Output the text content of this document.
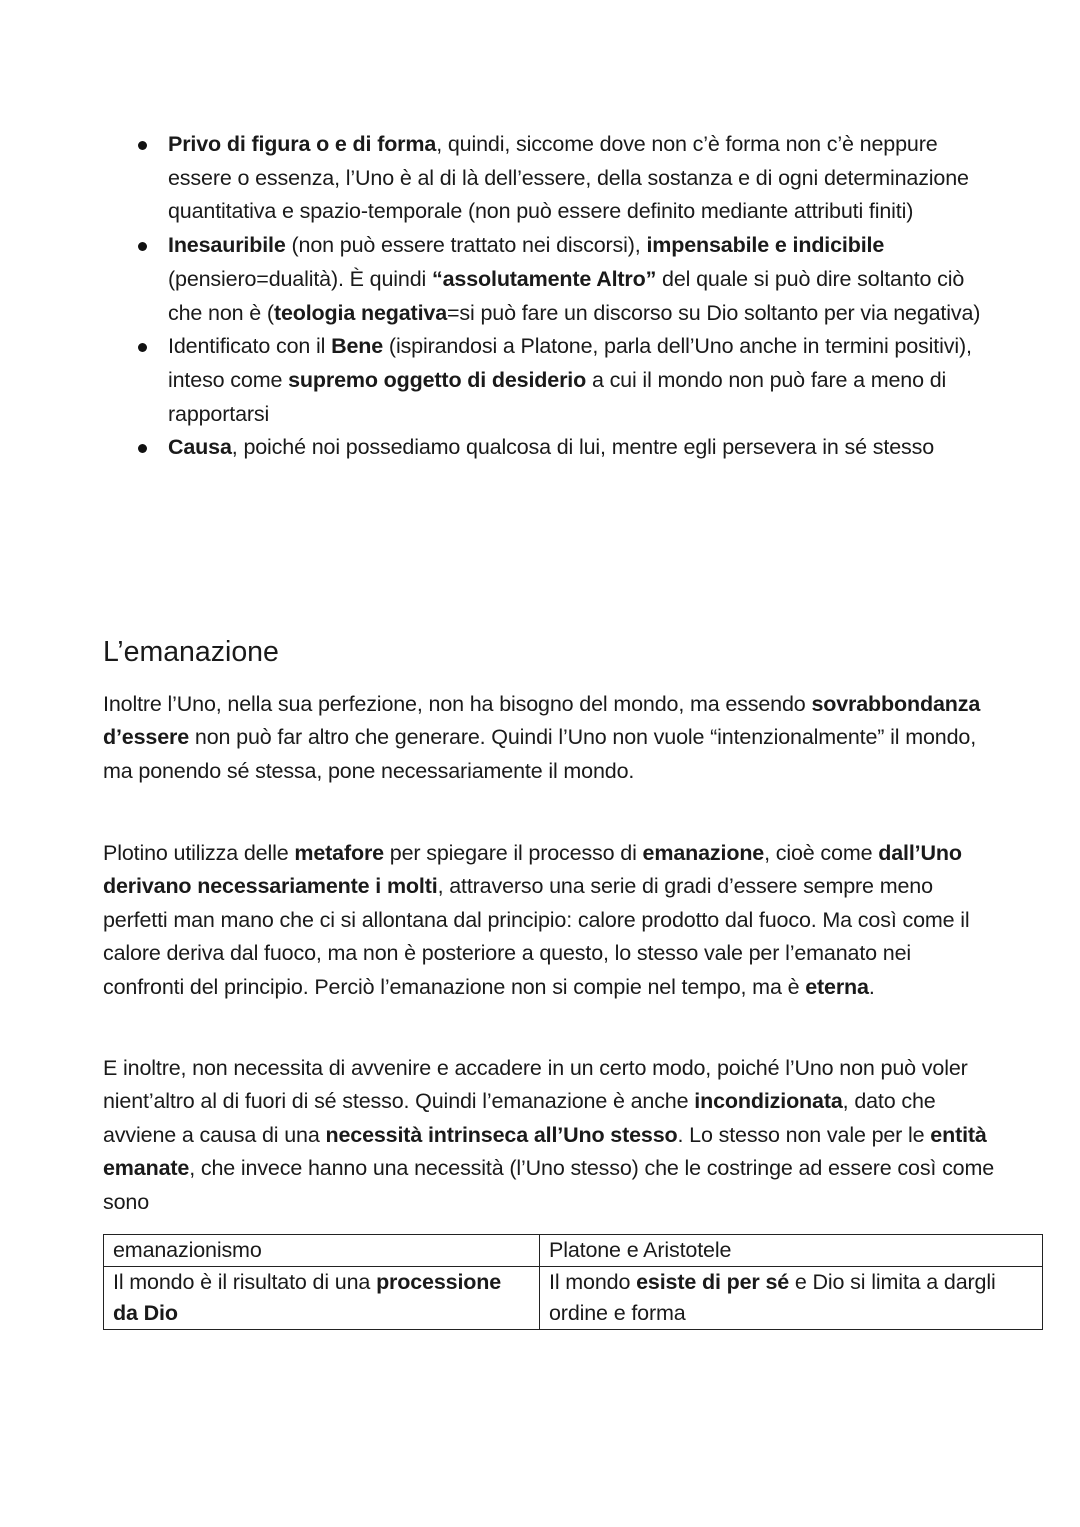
Privo di figura o e di forma, quindi, siccome dove non c’è forma non c’è neppure essere o essenza, l’Uno è al di là dell’essere, della sostanza e di ogni determinazione quantitativa e spazio-temporale (non può essere definito mediante attributi finiti)
Inesauribile (non può essere trattato nei discorsi), impensabile e indicibile (pensiero=dualità). È quindi “assolutamente Altro” del quale si può dire soltanto ciò che non è (teologia negativa=si può fare un discorso su Dio soltanto per via negativa)
Identificato con il Bene (ispirandosi a Platone, parla dell’Uno anche in termini positivi), inteso come supremo oggetto di desiderio a cui il mondo non può fare a meno di rapportarsi
Causa, poiché noi possediamo qualcosa di lui, mentre egli persevera in sé stesso
L’emanazione

Inoltre l’Uno, nella sua perfezione, non ha bisogno del mondo, ma essendo sovrabbondanza d’essere non può far altro che generare. Quindi l’Uno non vuole “intenzionalmente” il mondo, ma ponendo sé stessa, pone necessariamente il mondo.

Plotino utilizza delle metafore per spiegare il processo di emanazione, cioè come dall’Uno derivano necessariamente i molti, attraverso una serie di gradi d’essere sempre meno perfetti man mano che ci si allontana dal principio: calore prodotto dal fuoco. Ma così come il calore deriva dal fuoco, ma non è posteriore a questo, lo stesso vale per l’emanato nei confronti del principio. Perciò l’emanazione non si compie nel tempo, ma è eterna.

E inoltre, non necessita di avvenire e accadere in un certo modo, poiché l’Uno non può voler nient’altro al di fuori di sé stesso. Quindi l’emanazione è anche incondizionata, dato che avviene a causa di una necessità intrinseca all’Uno stesso. Lo stesso non vale per le entità emanate, che invece hanno una necessità (l’Uno stesso) che le costringe ad essere così come sono

emanazionismo	Platone e Aristotele
Il mondo è il risultato di una processione da Dio	Il mondo esiste di per sé e Dio si limita a dargli ordine e forma
